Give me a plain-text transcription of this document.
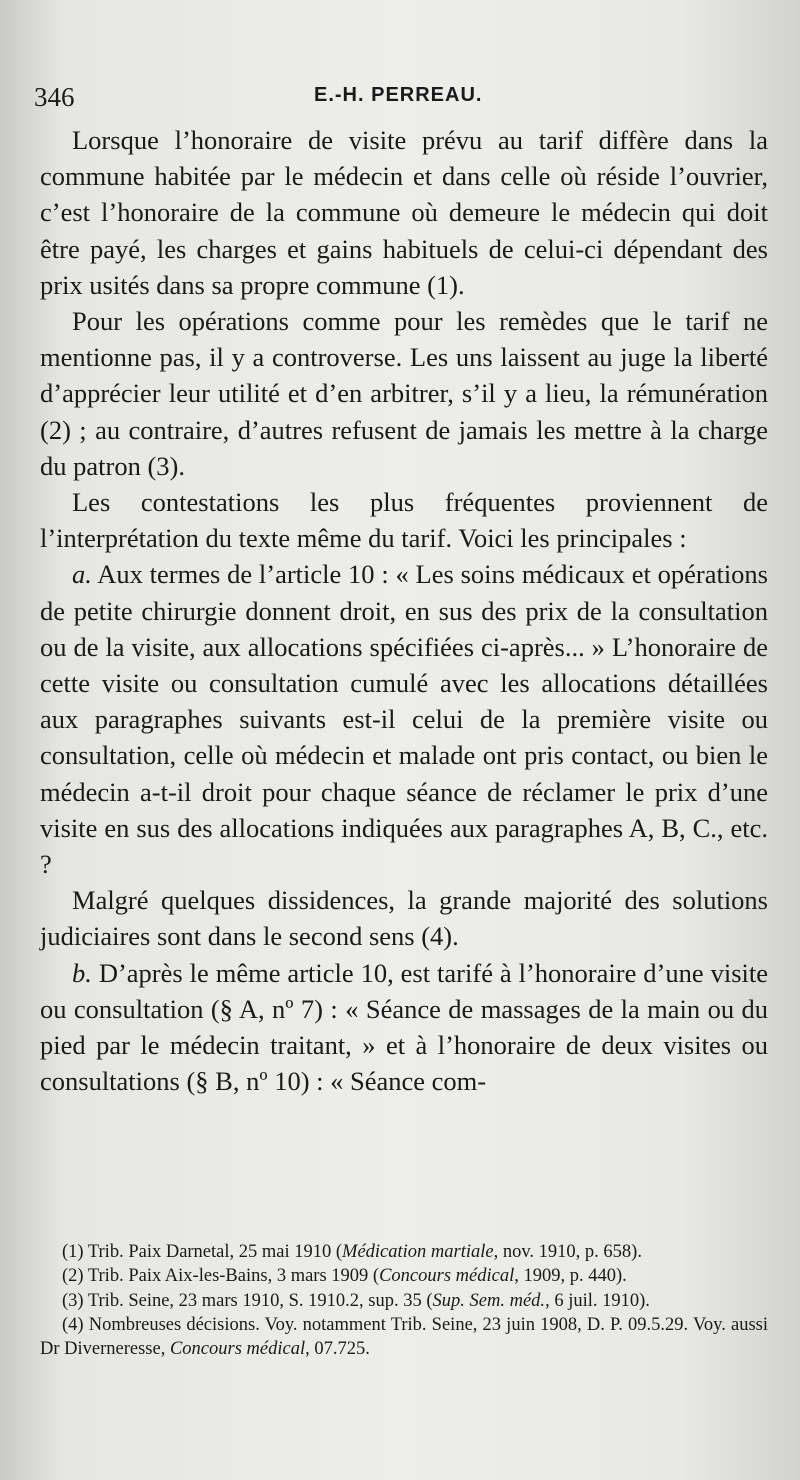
346	E.-H. PERREAU.

Lorsque l’honoraire de visite prévu au tarif diffère dans la commune habitée par le médecin et dans celle où réside l’ouvrier, c’est l’honoraire de la commune où demeure le médecin qui doit être payé, les charges et gains habituels de celui-ci dépendant des prix usités dans sa propre commune (1).

Pour les opérations comme pour les remèdes que le tarif ne mentionne pas, il y a controverse. Les uns laissent au juge la liberté d’apprécier leur utilité et d’en arbitrer, s’il y a lieu, la rémunération (2) ; au contraire, d’autres refusent de jamais les mettre à la charge du patron (3).

Les contestations les plus fréquentes proviennent de l’interprétation du texte même du tarif. Voici les principales :

a. Aux termes de l’article 10 : « Les soins médicaux et opérations de petite chirurgie donnent droit, en sus des prix de la consultation ou de la visite, aux allocations spécifiées ci-après... » L’honoraire de cette visite ou consultation cumulé avec les allocations détaillées aux paragraphes suivants est-il celui de la première visite ou consultation, celle où médecin et malade ont pris contact, ou bien le médecin a-t-il droit pour chaque séance de réclamer le prix d’une visite en sus des allocations indiquées aux paragraphes A, B, C., etc. ?

Malgré quelques dissidences, la grande majorité des solutions judiciaires sont dans le second sens (4).

b. D’après le même article 10, est tarifé à l’honoraire d’une visite ou consultation (§ A, nº 7) : « Séance de massages de la main ou du pied par le médecin traitant, » et à l’honoraire de deux visites ou consultations (§ B, nº 10) : « Séance com-

(1) Trib. Paix Darnetal, 25 mai 1910 (Médication martiale, nov. 1910, p. 658).

(2) Trib. Paix Aix-les-Bains, 3 mars 1909 (Concours médical, 1909, p. 440).

(3) Trib. Seine, 23 mars 1910, S. 1910.2, sup. 35 (Sup. Sem. méd., 6 juil. 1910).

(4) Nombreuses décisions. Voy. notamment Trib. Seine, 23 juin 1908, D. P. 09.5.29. Voy. aussi Dr Diverneresse, Concours médical, 07.725.
